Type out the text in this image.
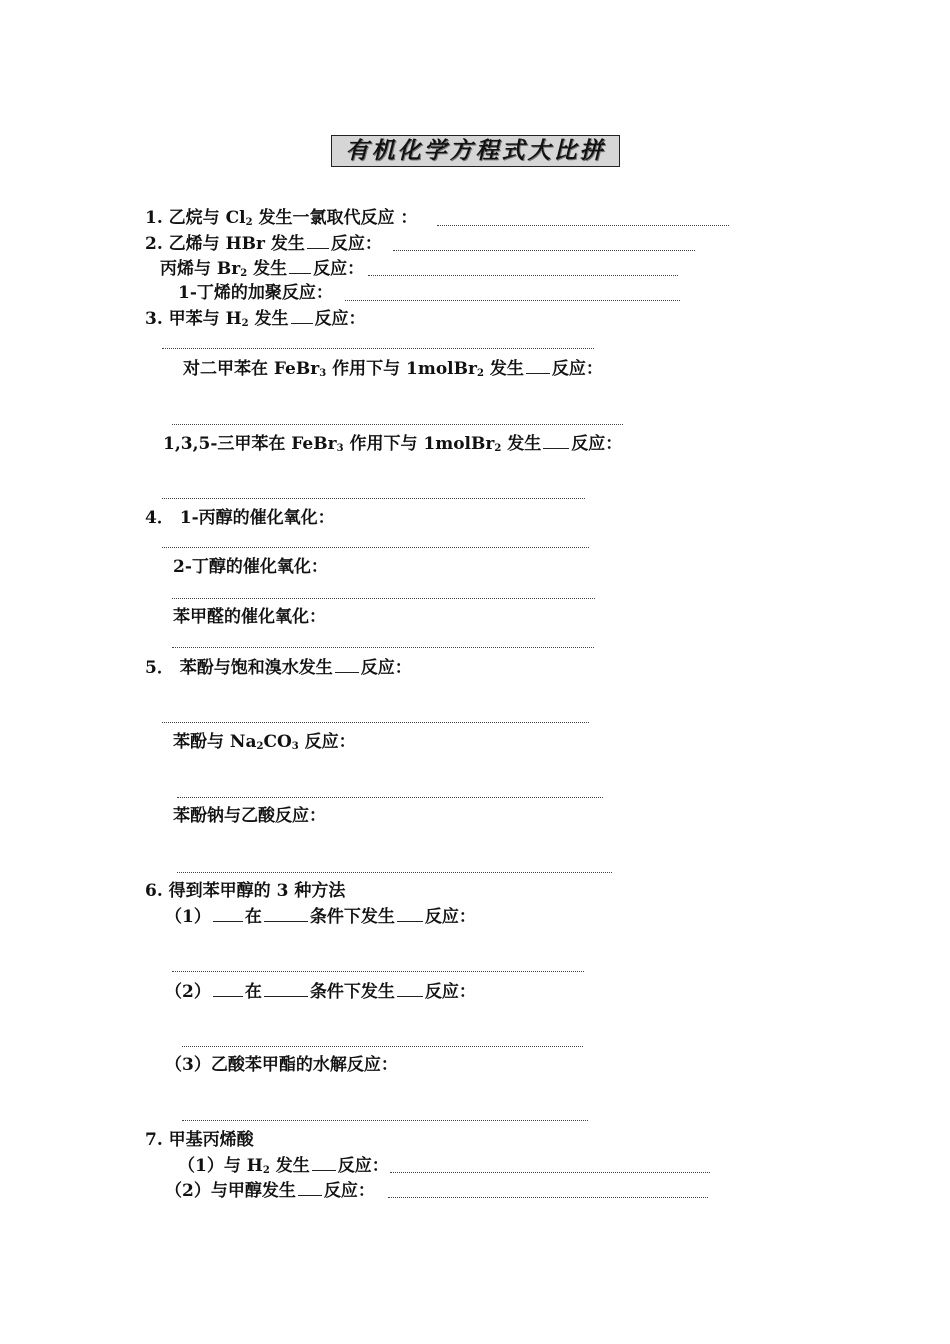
有机化学方程式大比拼
1. 乙烷与 $Cl_2$ 发生一氯取代反应 ：
2. 乙烯与 HBr 发生 反应：
丙烯与 $Br_2$ 发生 反应：
1-丁烯的加聚反应：
3. 甲苯与 $H_2$ 发生 反应：
对二甲苯在 FeBr$_3$ 作用下与 1molBr$_2$ 发生 反应：
1,3,5-三甲苯在 FeBr$_3$ 作用下与 1molBr$_2$ 发生 反应：
4． 1-丙醇的催化氧化：
2-丁醇的催化氧化：
苯甲醛的催化氧化：
5． 苯酚与饱和溴水发生 反应：
苯酚与 $Na_2CO_3$ 反应：
苯酚钠与乙酸反应：
6. 得到苯甲醇的 3 种方法
（1） 在	条件下发生 反应：
（2） 在	条件下发生 反应：
（3）乙酸苯甲酯的水解反应：
7. 甲基丙烯酸
（1）与 $H_2$ 发生 反应：
（2）与甲醇发生 反应：
